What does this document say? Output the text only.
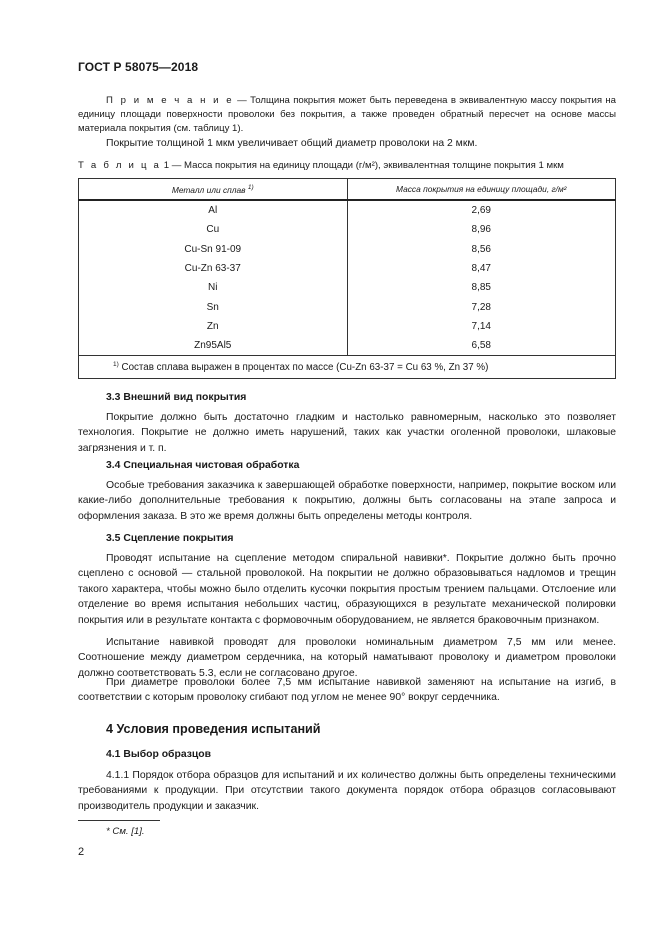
ГОСТ Р 58075—2018
П р и м е ч а н и е — Толщина покрытия может быть переведена в эквивалентную массу покрытия на единицу площади поверхности проволоки без покрытия, а также проведен обратный пересчет на основе массы материала покрытия (см. таблицу 1).
Покрытие толщиной 1 мкм увеличивает общий диаметр проволоки на 2 мкм.
Т а б л и ц а 1 — Масса покрытия на единицу площади (г/м²), эквивалентная толщине покрытия 1 мкм
Металл или сплав $^{1)}$	Масса покрытия на единицу площади, г/м²
Al	2,69
Cu	8,96
Cu-Sn 91-09	8,56
Cu-Zn 63-37	8,47
Ni	8,85
Sn	7,28
Zn	7,14
Zn95Al5	6,58
$^{1)}$ Состав сплава выражен в процентах по массе (Cu-Zn 63-37 = Cu 63 %, Zn 37 %)	
3.3 Внешний вид покрытия
Покрытие должно быть достаточно гладким и настолько равномерным, насколько это позволяет технология. Покрытие не должно иметь нарушений, таких как участки оголенной проволоки, шлаковые загрязнения и т. п.
3.4 Специальная чистовая обработка
Особые требования заказчика к завершающей обработке поверхности, например, покрытие воском или какие-либо дополнительные требования к покрытию, должны быть согласованы на этапе запроса и оформления заказа. В это же время должны быть определены методы контроля.
3.5 Сцепление покрытия
Проводят испытание на сцепление методом спиральной навивки*. Покрытие должно быть прочно сцеплено с основой — стальной проволокой. На покрытии не должно образовываться надломов и трещин такого характера, чтобы можно было отделить кусочки покрытия простым трением пальцами. Отслоение или отделение во время испытания небольших частиц, образующихся в результате механической полировки покрытия или в результате контакта с формовочным оборудованием, не является браковочным признаком.
Испытание навивкой проводят для проволоки номинальным диаметром 7,5 мм или менее. Соотношение между диаметром сердечника, на который наматывают проволоку и диаметром проволоки должно соответствовать 5.3, если не согласовано другое.
При диаметре проволоки более 7,5 мм испытание навивкой заменяют на испытание на изгиб, в соответствии с которым проволоку сгибают под углом не менее 90° вокруг сердечника.
4 Условия проведения испытаний
4.1 Выбор образцов
4.1.1 Порядок отбора образцов для испытаний и их количество должны быть определены техническими требованиями к продукции. При отсутствии такого документа порядок отбора образцов согласовывают производитель продукции и заказчик.
* См. [1].
2
